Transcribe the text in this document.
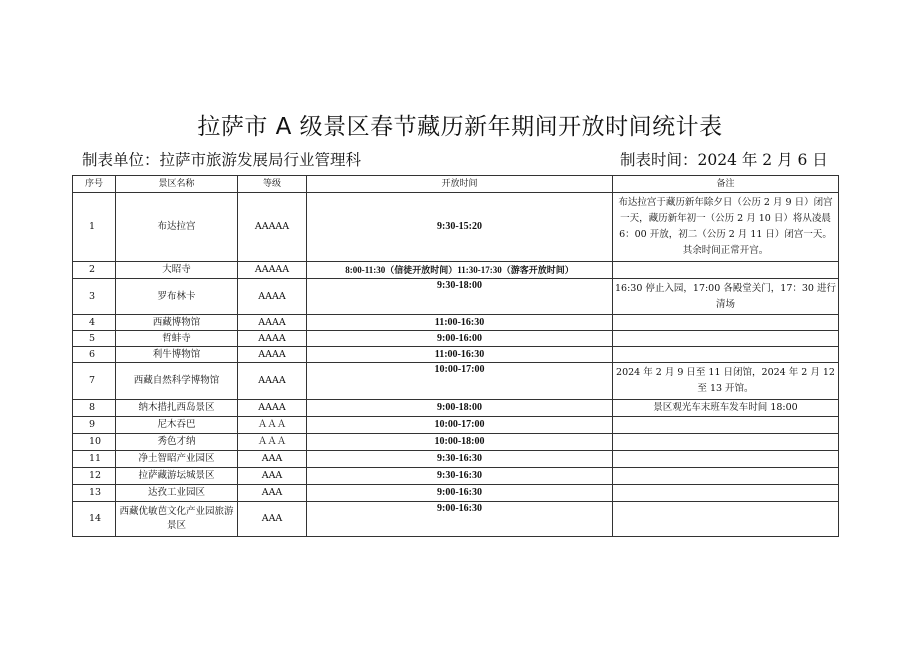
拉萨市 A 级景区春节藏历新年期间开放时间统计表
制表单位：拉萨市旅游发展局行业管理科	制表时间：2024 年 2 月 6 日
序号	景区名称	等级	开放时间	备注
1	布达拉宫	AAAAA	9:30-15:20	布达拉宫于藏历新年除夕日（公历 2 月 9 日）闭宫一天，藏历新年初一（公历 2 月 10 日）将从凌晨 6：00 开放，初二（公历 2 月 11 日）闭宫一天。其余时间正常开宫。
2	大昭寺	AAAAA	8:00-11:30（信徒开放时间）11:30-17:30（游客开放时间）	
3	罗布林卡	AAAA	9:30-18:00	16:30 停止入园，17:00 各殿堂关门，17：30 进行清场
4	西藏博物馆	AAAA	11:00-16:30	
5	哲蚌寺	AAAA	9:00-16:00	
6	利牛博物馆	AAAA	11:00-16:30	
7	西藏自然科学博物馆	AAAA	10:00-17:00	2024 年 2 月 9 日至 11 日闭馆，2024 年 2 月 12 至 13 开馆。
8	纳木措扎西岛景区	AAAA	9:00-18:00	景区观光车末班车发车时间 18:00
9	尼木吞巴	ＡＡＡ	10:00-17:00	
10	秀色才纳	ＡＡＡ	10:00-18:00	
11	净土智昭产业园区	AAA	9:30-16:30	
12	拉萨藏游坛城景区	AAA	9:30-16:30	
13	达孜工业园区	AAA	9:00-16:30	
14	西藏优敏芭文化产业园旅游景区	AAA	9:00-16:30	
